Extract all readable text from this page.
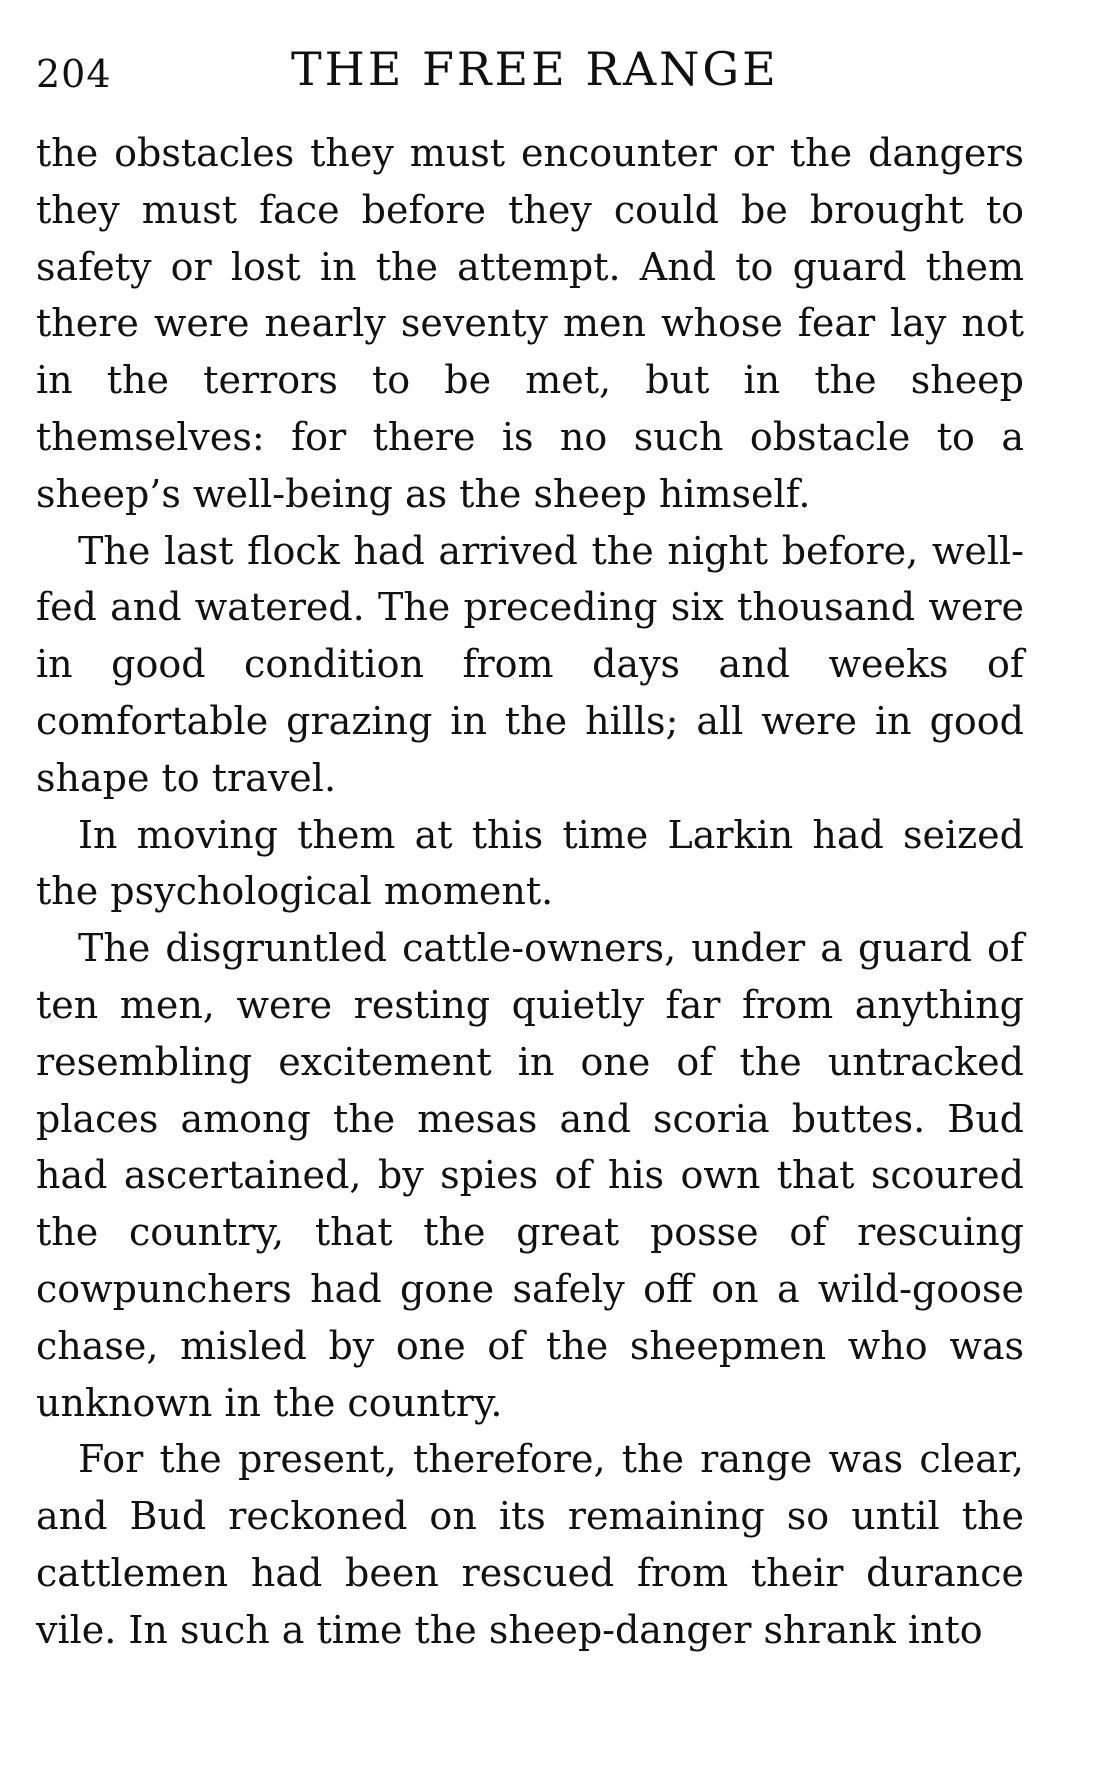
204	THE FREE RANGE

the obstacles they must encounter or the dangers they must face before they could be brought to safety or lost in the attempt. And to guard them there were nearly seventy men whose fear lay not in the terrors to be met, but in the sheep themselves: for there is no such obstacle to a sheep’s well-being as the sheep himself.

The last flock had arrived the night before, well-fed and watered. The preceding six thousand were in good condition from days and weeks of comfortable grazing in the hills; all were in good shape to travel.

In moving them at this time Larkin had seized the psychological moment.

The disgruntled cattle-owners, under a guard of ten men, were resting quietly far from anything resembling excitement in one of the untracked places among the mesas and scoria buttes. Bud had ascertained, by spies of his own that scoured the country, that the great posse of rescuing cowpunchers had gone safely off on a wild-goose chase, misled by one of the sheepmen who was unknown in the country.

For the present, therefore, the range was clear, and Bud reckoned on its remaining so until the cattlemen had been rescued from their durance vile. In such a time the sheep-danger shrank into
